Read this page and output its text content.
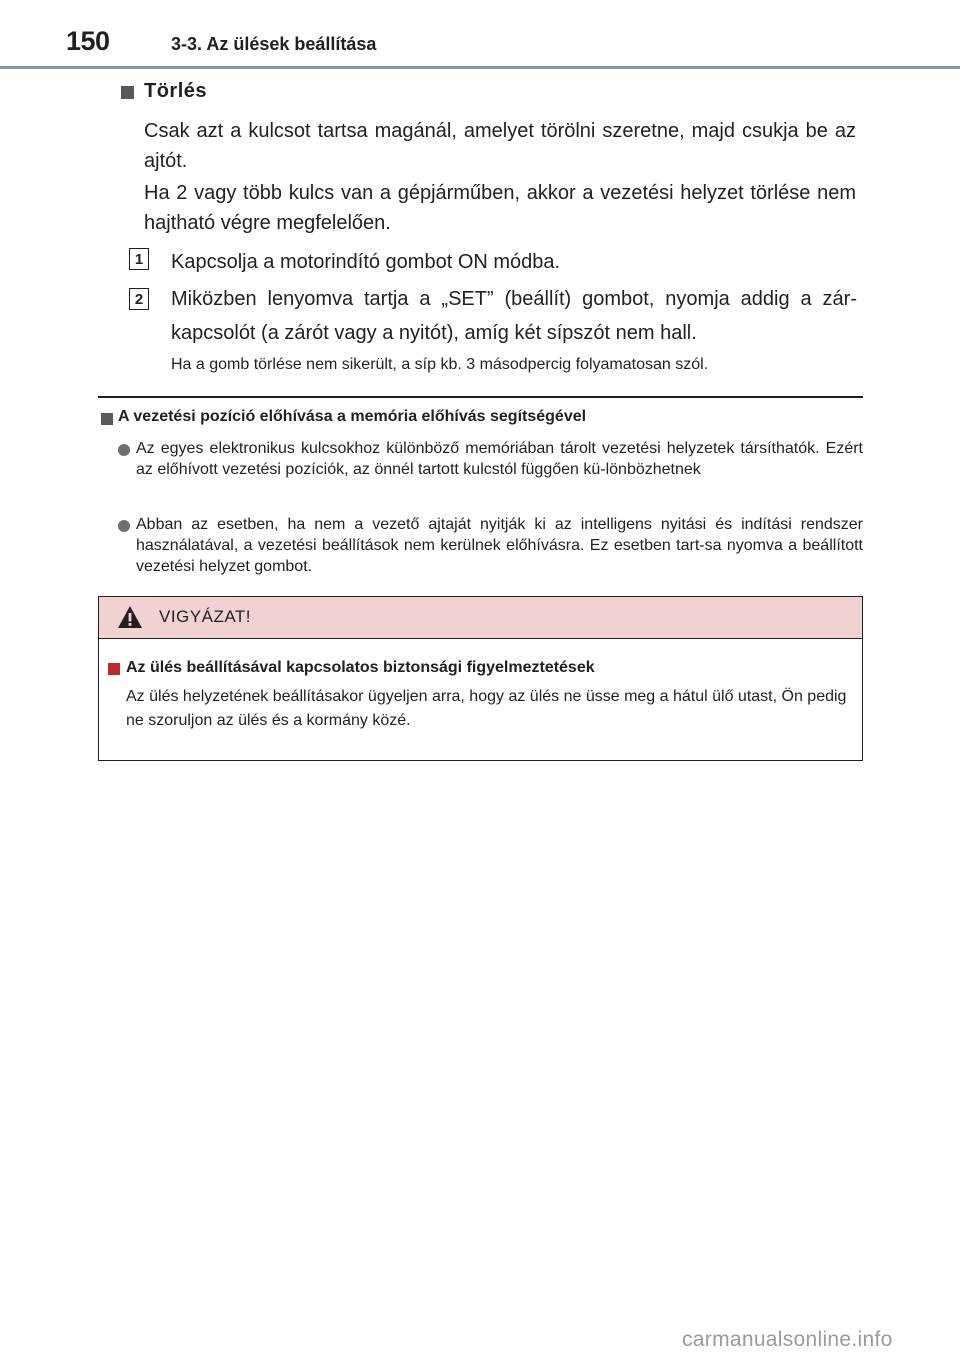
150	3-3. Az ülések beállítása
Törlés

Csak azt a kulcsot tartsa magánál, amelyet törölni szeretne, majd csukja be az ajtót.

Ha 2 vagy több kulcs van a gépjárműben, akkor a vezetési helyzet törlése nem hajtható végre megfelelően.

1 Kapcsolja a motorindító gombot ON módba.

2 Miközben lenyomva tartja a „SET” (beállít) gombot, nyomja addig a zár-kapcsolót (a zárót vagy a nyitót), amíg két sípszót nem hall.

Ha a gomb törlése nem sikerült, a síp kb. 3 másodpercig folyamatosan szól.
A vezetési pozíció előhívása a memória előhívás segítségével

Az egyes elektronikus kulcsokhoz különböző memóriában tárolt vezetési helyzetek társíthatók. Ezért az előhívott vezetési pozíciók, az önnél tartott kulcstól függően kü-lönbözhetnek

Abban az esetben, ha nem a vezető ajtaját nyitják ki az intelligens nyitási és indítási rendszer használatával, a vezetési beállítások nem kerülnek előhívásra. Ez esetben tart-sa nyomva a beállított vezetési helyzet gombot.

VIGYÁZAT!
Az ülés beállításával kapcsolatos biztonsági figyelmeztetések

Az ülés helyzetének beállításakor ügyeljen arra, hogy az ülés ne üsse meg a hátul ülő utast, Ön pedig ne szoruljon az ülés és a kormány közé.

carmanualsonline.info
